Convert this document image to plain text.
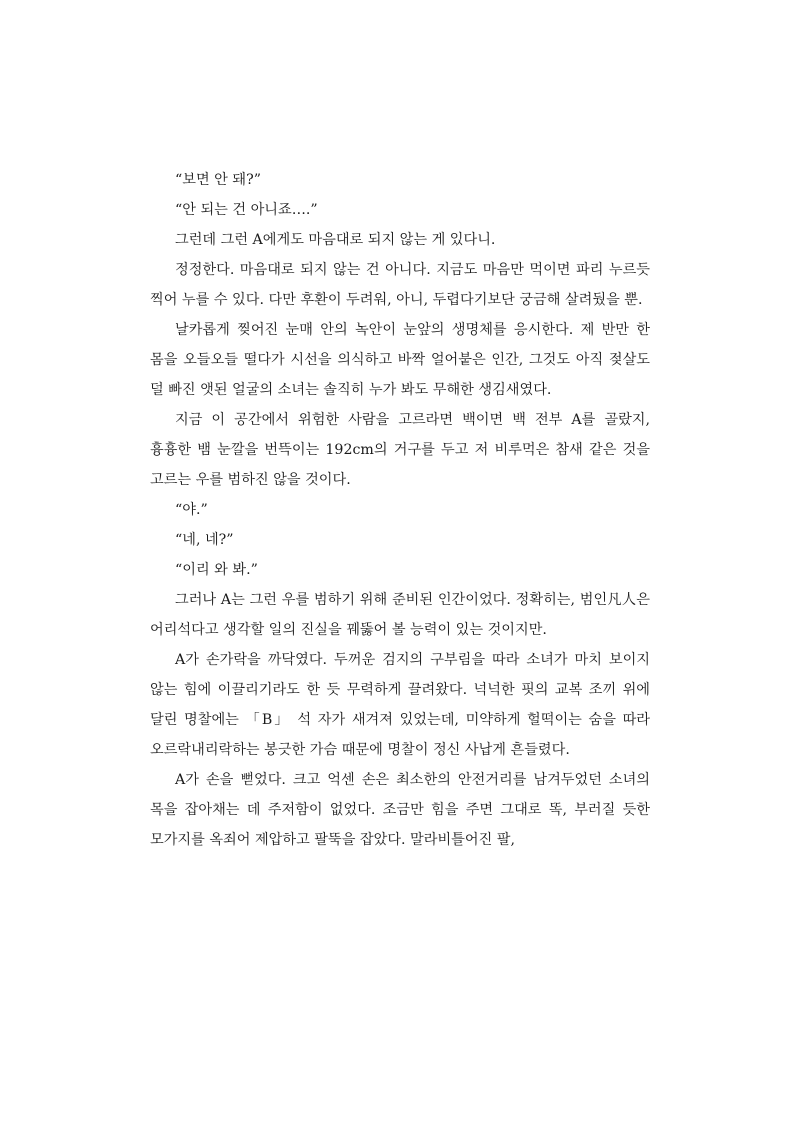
“보면 안 돼?”

“안 되는 건 아니죠….”

그런데 그런 A에게도 마음대로 되지 않는 게 있다니.

정정한다. 마음대로 되지 않는 건 아니다. 지금도 마음만 먹이면 파리 누르듯 찍어 누를 수 있다. 다만 후환이 두려워, 아니, 두렵다기보단 궁금해 살려뒀을 뿐.

날카롭게 찢어진 눈매 안의 녹안이 눈앞의 생명체를 응시한다. 제 반만 한 몸을 오들오들 떨다가 시선을 의식하고 바짝 얼어붙은 인간, 그것도 아직 젖살도 덜 빠진 앳된 얼굴의 소녀는 솔직히 누가 봐도 무해한 생김새였다.

지금 이 공간에서 위험한 사람을 고르라면 백이면 백 전부 A를 골랐지, 흉흉한 뱀 눈깔을 번뜩이는 192cm의 거구를 두고 저 비루먹은 참새 같은 것을 고르는 우를 범하진 않을 것이다.

“야.”

“네, 네?”

“이리 와 봐.”

그러나 A는 그런 우를 범하기 위해 준비된 인간이었다. 정확히는, 범인凡人은 어리석다고 생각할 일의 진실을 꿰뚫어 볼 능력이 있는 것이지만.

A가 손가락을 까닥였다. 두꺼운 검지의 구부림을 따라 소녀가 마치 보이지 않는 힘에 이끌리기라도 한 듯 무력하게 끌려왔다. 넉넉한 핏의 교복 조끼 위에 달린 명찰에는 「B」 석 자가 새겨져 있었는데, 미약하게 헐떡이는 숨을 따라 오르락내리락하는 봉긋한 가슴 때문에 명찰이 정신 사납게 흔들렸다.

A가 손을 뻗었다. 크고 억센 손은 최소한의 안전거리를 남겨두었던 소녀의 목을 잡아채는 데 주저함이 없었다. 조금만 힘을 주면 그대로 똑, 부러질 듯한 모가지를 옥죄어 제압하고 팔뚝을 잡았다. 말라비틀어진 팔,
